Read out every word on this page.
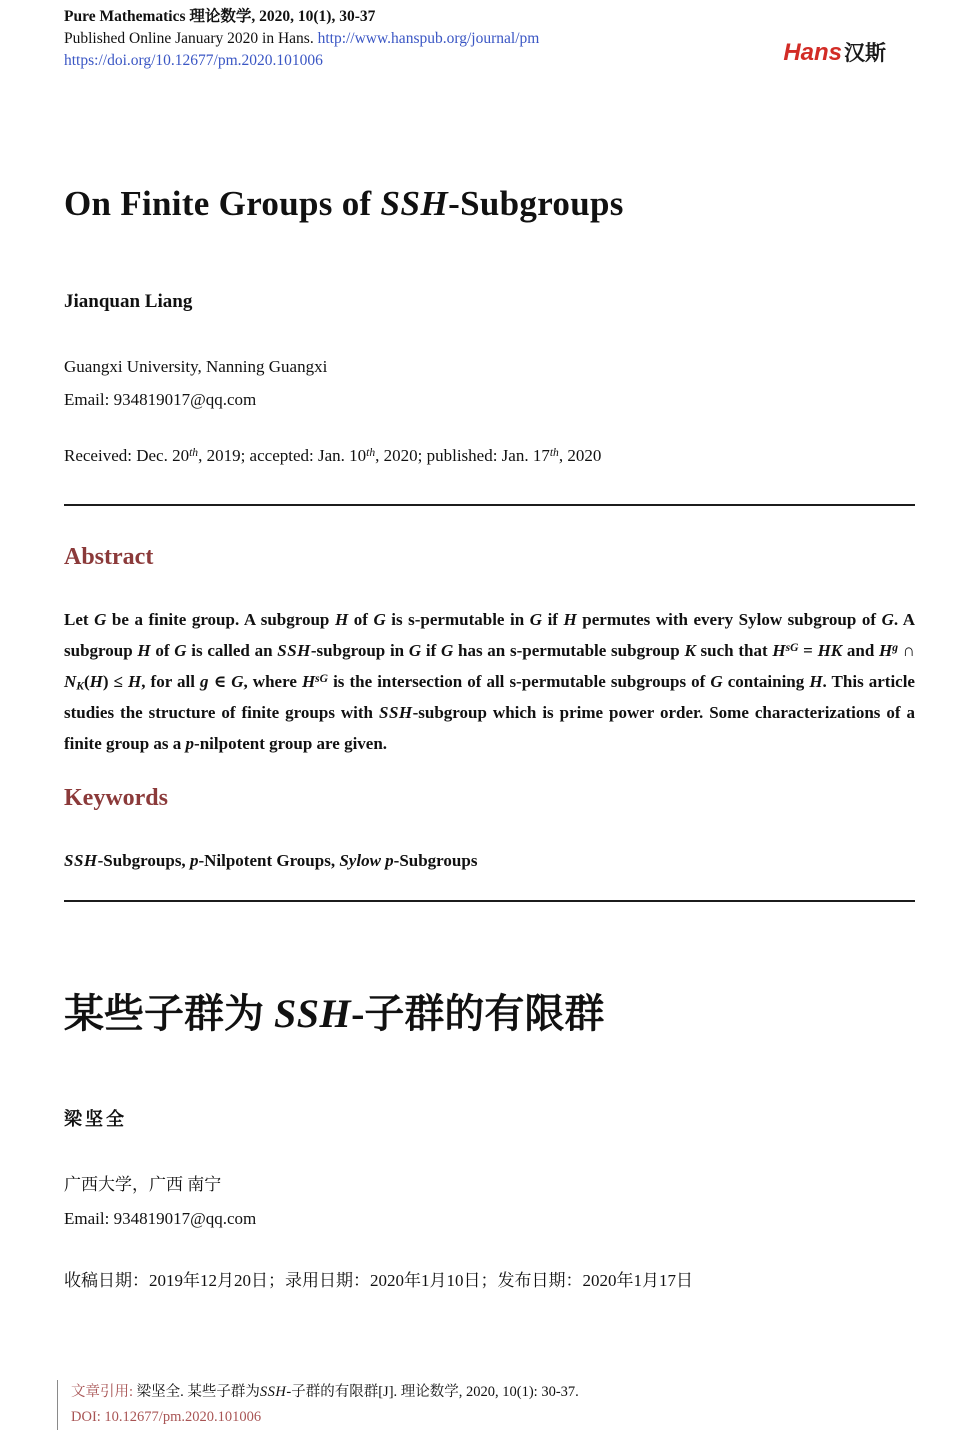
Pure Mathematics 理论数学, 2020, 10(1), 30-37
Published Online January 2020 in Hans. http://www.hanspub.org/journal/pm
https://doi.org/10.12677/pm.2020.101006	Hans汉斯
On Finite Groups of SSH-Subgroups
Jianquan Liang
Guangxi University, Nanning Guangxi
Email: 934819017@qq.com
Received: Dec. 20th, 2019; accepted: Jan. 10th, 2020; published: Jan. 17th, 2020
Abstract

Let G be a finite group. A subgroup H of G is s-permutable in G if H permutes with every Sylow subgroup of G. A subgroup H of G is called an SSH-subgroup in G if G has an s-permutable subgroup K such that $H^{sG}$ = HK and $H^g$ ∩ NK(H) ≤ H, for all g ∈ G, where $H^{sG}$ is the intersection of all s-permutable subgroups of G containing H. This article studies the structure of finite groups with SSH-subgroup which is prime power order. Some characterizations of a finite group as a p-nilpotent group are given.

Keywords

SSH-Subgroups, p-Nilpotent Groups, Sylow p-Subgroups

某些子群为 SSH-子群的有限群
梁坚全
广西大学，广西 南宁
Email: 934819017@qq.com
收稿日期：2019年12月20日；录用日期：2020年1月10日；发布日期：2020年1月17日
文章引用: 梁坚全. 某些子群为SSH-子群的有限群[J]. 理论数学, 2020, 10(1): 30-37.
DOI: 10.12677/pm.2020.101006
